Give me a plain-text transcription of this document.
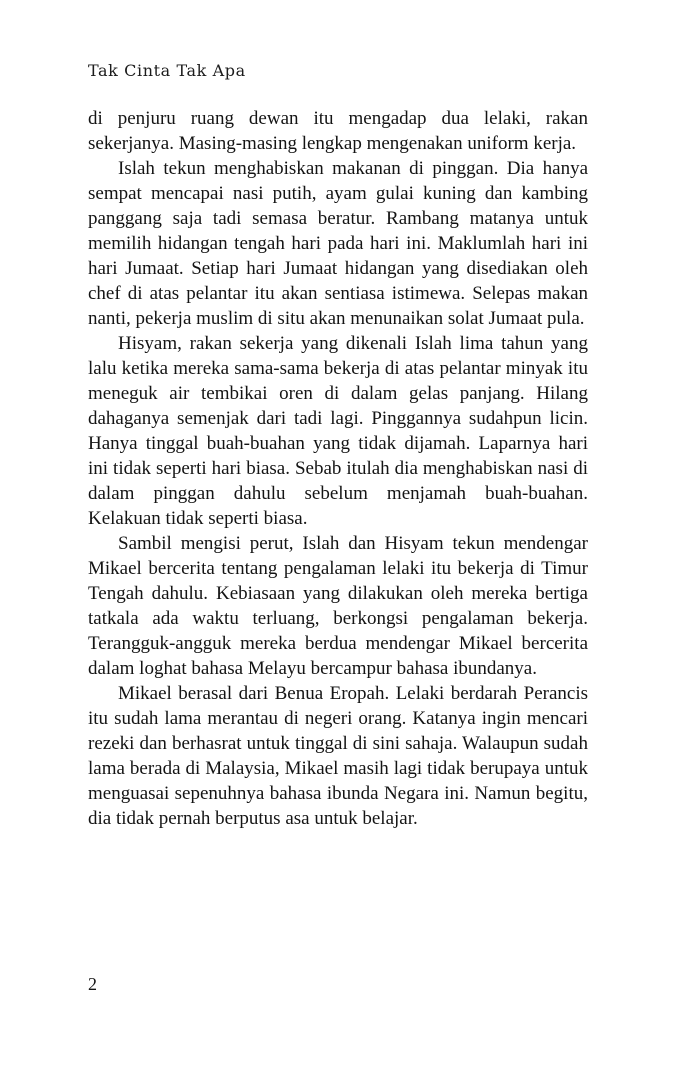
Tak Cinta Tak Apa

di penjuru ruang dewan itu mengadap dua lelaki, rakan sekerjanya. Masing-masing lengkap mengenakan uniform kerja.

Islah tekun menghabiskan makanan di pinggan. Dia hanya sempat mencapai nasi putih, ayam gulai kuning dan kambing panggang saja tadi semasa beratur. Rambang matanya untuk memilih hidangan tengah hari pada hari ini. Maklumlah hari ini hari Jumaat. Setiap hari Jumaat hidangan yang disediakan oleh chef di atas pelantar itu akan sentiasa istimewa. Selepas makan nanti, pekerja muslim di situ akan menunaikan solat Jumaat pula.

Hisyam, rakan sekerja yang dikenali Islah lima tahun yang lalu ketika mereka sama-sama bekerja di atas pelantar minyak itu meneguk air tembikai oren di dalam gelas panjang. Hilang dahaganya semenjak dari tadi lagi. Pinggannya sudahpun licin. Hanya tinggal buah-buahan yang tidak dijamah. Laparnya hari ini tidak seperti hari biasa. Sebab itulah dia menghabiskan nasi di dalam pinggan dahulu sebelum menjamah buah-buahan. Kelakuan tidak seperti biasa.

Sambil mengisi perut, Islah dan Hisyam tekun mendengar Mikael bercerita tentang pengalaman lelaki itu bekerja di Timur Tengah dahulu. Kebiasaan yang dilakukan oleh mereka bertiga tatkala ada waktu terluang, berkongsi pengalaman bekerja. Terangguk-angguk mereka berdua mendengar Mikael bercerita dalam loghat bahasa Melayu bercampur bahasa ibundanya.

Mikael berasal dari Benua Eropah. Lelaki berdarah Perancis itu sudah lama merantau di negeri orang. Katanya ingin mencari rezeki dan berhasrat untuk tinggal di sini sahaja. Walaupun sudah lama berada di Malaysia, Mikael masih lagi tidak berupaya untuk menguasai sepenuhnya bahasa ibunda Negara ini. Namun begitu, dia tidak pernah berputus asa untuk belajar.

2
